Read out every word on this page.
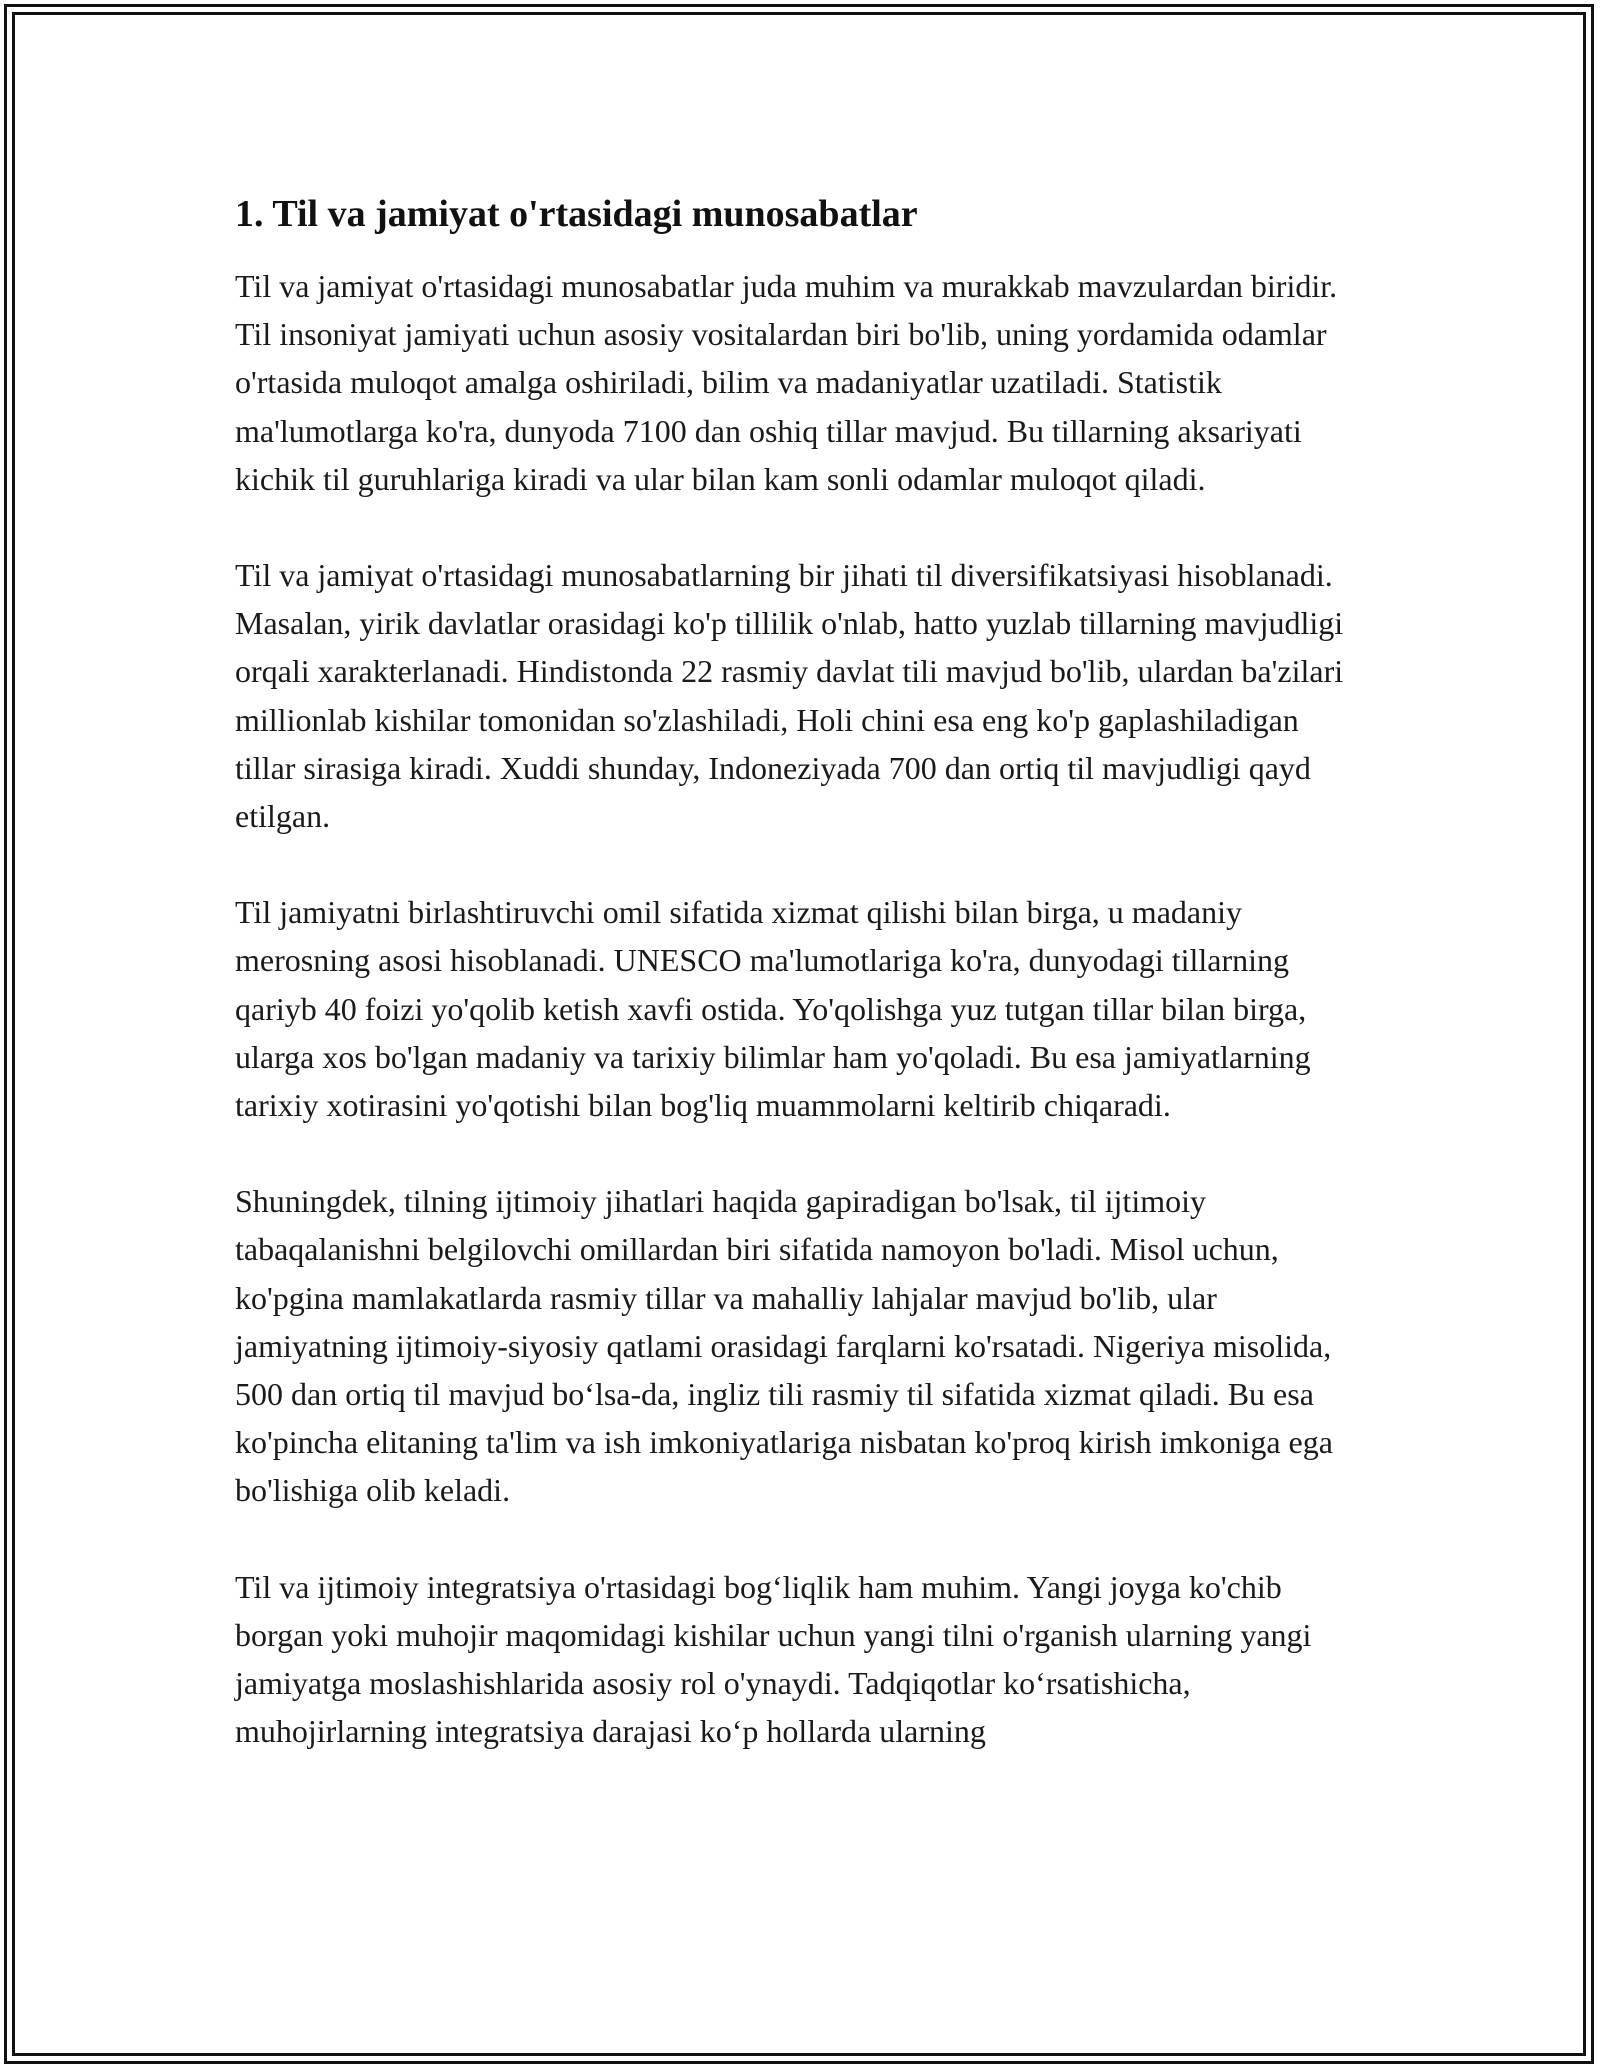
1. Til va jamiyat o'rtasidagi munosabatlar

Til va jamiyat o'rtasidagi munosabatlar juda muhim va murakkab mavzulardan biridir. Til insoniyat jamiyati uchun asosiy vositalardan biri bo'lib, uning yordamida odamlar o'rtasida muloqot amalga oshiriladi, bilim va madaniyatlar uzatiladi. Statistik ma'lumotlarga ko'ra, dunyoda 7100 dan oshiq tillar mavjud. Bu tillarning aksariyati kichik til guruhlariga kiradi va ular bilan kam sonli odamlar muloqot qiladi.

Til va jamiyat o'rtasidagi munosabatlarning bir jihati til diversifikatsiyasi hisoblanadi. Masalan, yirik davlatlar orasidagi ko'p tillilik o'nlab, hatto yuzlab tillarning mavjudligi orqali xarakterlanadi. Hindistonda 22 rasmiy davlat tili mavjud bo'lib, ulardan ba'zilari millionlab kishilar tomonidan so'zlashiladi, Holi chini esa eng ko'p gaplashiladigan tillar sirasiga kiradi. Xuddi shunday, Indoneziyada 700 dan ortiq til mavjudligi qayd etilgan.

Til jamiyatni birlashtiruvchi omil sifatida xizmat qilishi bilan birga, u madaniy merosning asosi hisoblanadi. UNESCO ma'lumotlariga ko'ra, dunyodagi tillarning qariyb 40 foizi yo'qolib ketish xavfi ostida. Yo'qolishga yuz tutgan tillar bilan birga, ularga xos bo'lgan madaniy va tarixiy bilimlar ham yo'qoladi. Bu esa jamiyatlarning tarixiy xotirasini yo'qotishi bilan bog'liq muammolarni keltirib chiqaradi.

Shuningdek, tilning ijtimoiy jihatlari haqida gapiradigan bo'lsak, til ijtimoiy tabaqalanishni belgilovchi omillardan biri sifatida namoyon bo'ladi. Misol uchun, ko'pgina mamlakatlarda rasmiy tillar va mahalliy lahjalar mavjud bo'lib, ular jamiyatning ijtimoiy-siyosiy qatlami orasidagi farqlarni ko'rsatadi. Nigeriya misolida, 500 dan ortiq til mavjud bo‘lsa-da, ingliz tili rasmiy til sifatida xizmat qiladi. Bu esa ko'pincha elitaning ta'lim va ish imkoniyatlariga nisbatan ko'proq kirish imkoniga ega bo'lishiga olib keladi.

Til va ijtimoiy integratsiya o'rtasidagi bog‘liqlik ham muhim. Yangi joyga ko'chib borgan yoki muhojir maqomidagi kishilar uchun yangi tilni o'rganish ularning yangi jamiyatga moslashishlarida asosiy rol o'ynaydi. Tadqiqotlar ko‘rsatishicha, muhojirlarning integratsiya darajasi ko‘p hollarda ularning
